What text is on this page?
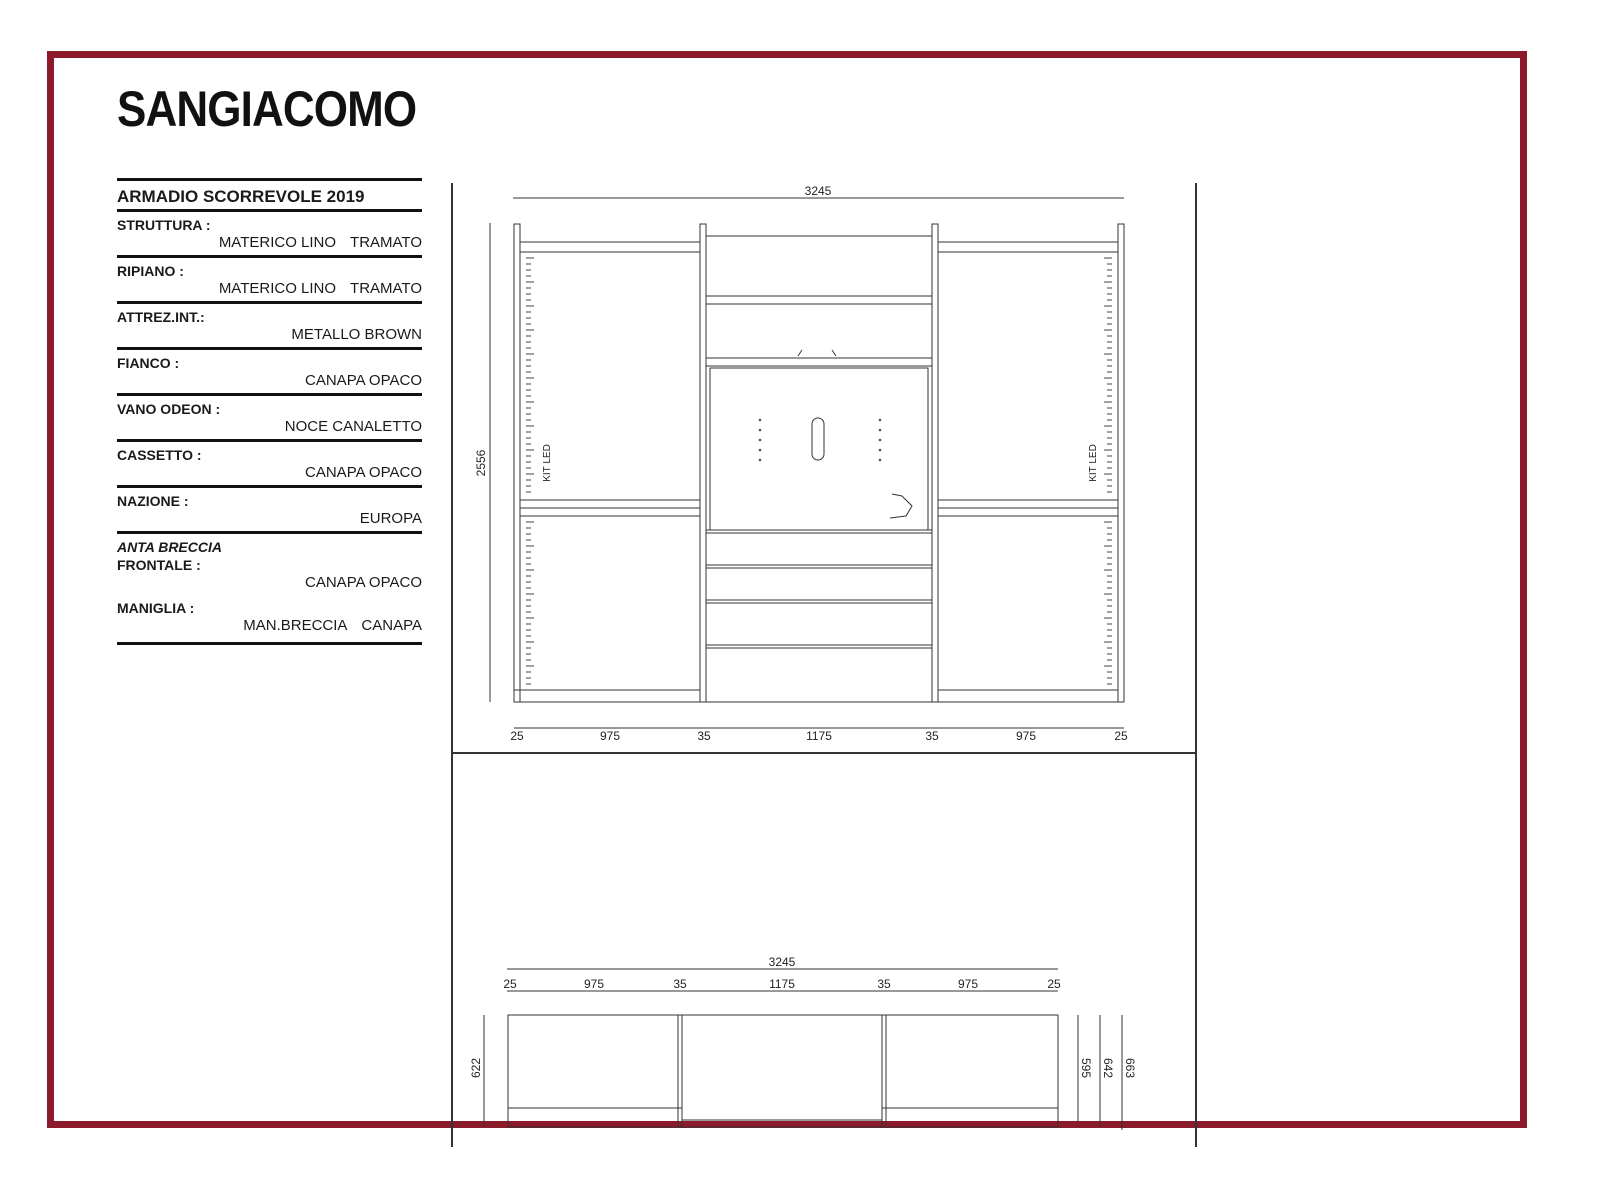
SANGIACOMO
ARMADIO SCORREVOLE 2019
STRUTTURA :
MATERICO LINO TRAMATO
RIPIANO :
MATERICO LINO TRAMATO
ATTREZ.INT.:
METALLO BROWN
FIANCO :
CANAPA OPACO
VANO ODEON :
NOCE CANALETTO
CASSETTO :
CANAPA OPACO
NAZIONE :
EUROPA
ANTA BRECCIA
FRONTALE :
CANAPA OPACO
MANIGLIA :
MAN.BRECCIA CANAPA
3245
2556	KIT LED	KIT LED
25	975	35	1175	35	975	25
3245
25	975	35	1175	35	975	25
622	595 642 663
